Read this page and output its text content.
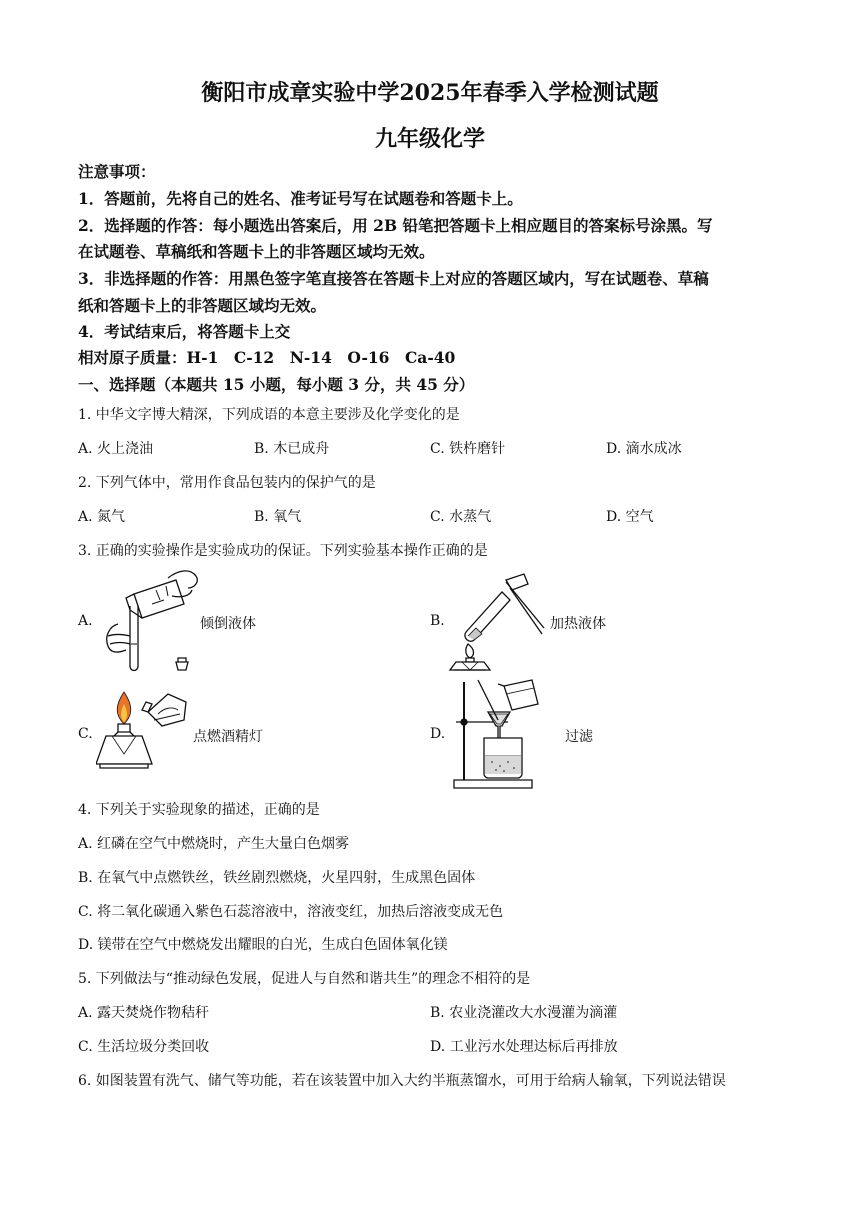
衡阳市成章实验中学2025年春季入学检测试题
九年级化学
注意事项：
1．答题前，先将自己的姓名、准考证号写在试题卷和答题卡上。
2．选择题的作答：每小题选出答案后，用 2B 铅笔把答题卡上相应题目的答案标号涂黑。写
在试题卷、草稿纸和答题卡上的非答题区域均无效。
3．非选择题的作答：用黑色签字笔直接答在答题卡上对应的答题区域内，写在试题卷、草稿
纸和答题卡上的非答题区域均无效。
4．考试结束后，将答题卡上交
相对原子质量：H-1　C-12　N-14　O-16　Ca-40
一、选择题（本题共 15 小题，每小题 3 分，共 45 分）
1. 中华文字博大精深，下列成语的本意主要涉及化学变化的是
A. 火上浇油	B. 木已成舟	C. 铁杵磨针	D. 滴水成冰
2. 下列气体中，常用作食品包装内的保护气的是
A. 氮气	B. 氧气	C. 水蒸气	D. 空气
3. 正确的实验操作是实验成功的保证。下列实验基本操作正确的是
A.	倾倒液体	B.	加热液体
C.	点燃酒精灯	D.	过滤
4. 下列关于实验现象的描述，正确的是
A. 红磷在空气中燃烧时，产生大量白色烟雾
B. 在氧气中点燃铁丝，铁丝剧烈燃烧，火星四射，生成黑色固体
C. 将二氧化碳通入紫色石蕊溶液中，溶液变红，加热后溶液变成无色
D. 镁带在空气中燃烧发出耀眼的白光，生成白色固体氧化镁
5. 下列做法与“推动绿色发展，促进人与自然和谐共生”的理念不相符的是
A. 露天焚烧作物秸秆	B. 农业浇灌改大水漫灌为滴灌
C. 生活垃圾分类回收	D. 工业污水处理达标后再排放
6. 如图装置有洗气、储气等功能，若在该装置中加入大约半瓶蒸馏水，可用于给病人输氧，下列说法错误
